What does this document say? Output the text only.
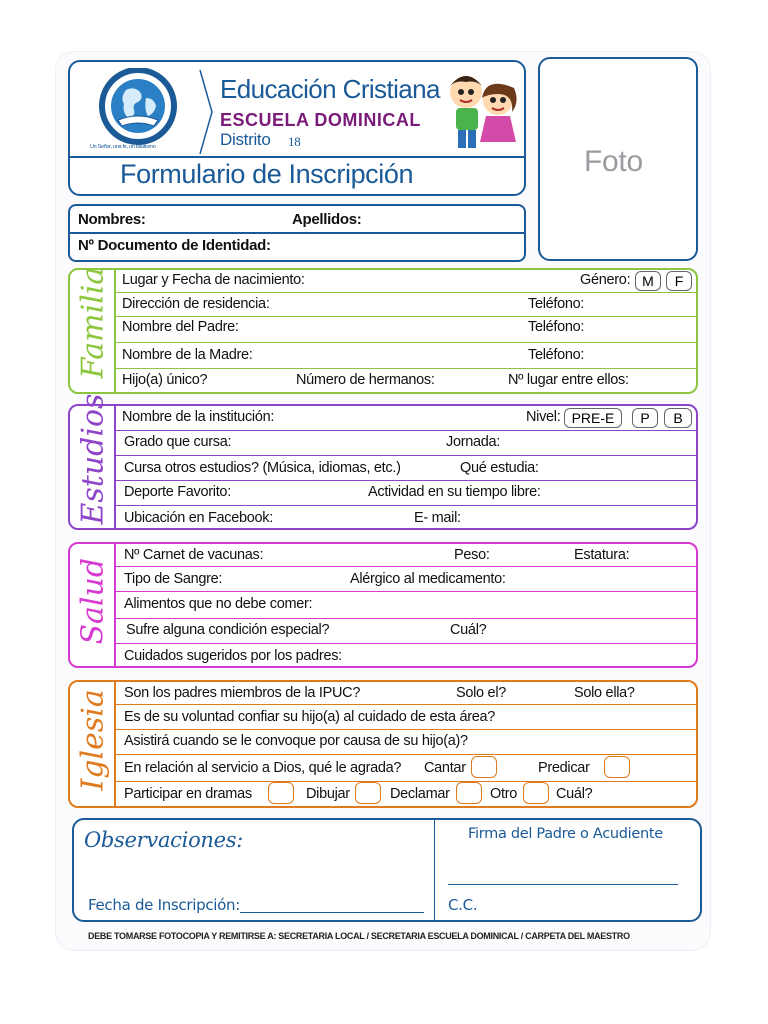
Un Señor, una fe, un bautismo
Educación Cristiana
ESCUELA DOMINICAL
Distrito 18
Formulario de Inscripción	Foto
Nombres:	Apellidos:
Nº Documento de Identidad:
Familia Lugar y Fecha de nacimiento:	Género: M	F
Dirección de residencia:	Teléfono:
Nombre del Padre:	Teléfono:
Nombre de la Madre:	Teléfono:
Hijo(a) único?	Número de hermanos:	Nº lugar entre ellos:
Estudios Nombre de la institución:	Nivel: PRE-E	P	B
Grado que cursa:	Jornada:
Cursa otros estudios? (Música, idiomas, etc.)	Qué estudia:
Deporte Favorito:	Actividad en su tiempo libre:
Ubicación en Facebook:	E- mail:
Salud
Nº Carnet de vacunas:	Peso:	Estatura:
Tipo de Sangre:	Alérgico al medicamento:
Alimentos que no debe comer:
Sufre alguna condición especial?	Cuál?
Cuidados sugeridos por los padres:
Iglesia Son los padres miembros de la IPUC?	Solo el?	Solo ella?
Es de su voluntad confiar su hijo(a) al cuidado de esta área?
Asistirá cuando se le convoque por causa de su hijo(a)?
En relación al servicio a Dios, qué le agrada? Cantar	Predicar
Participar en dramas	Dibujar	Declamar	Otro	Cuál?
Observaciones:
Fecha de Inscripción:
Firma del Padre o Acudiente
C.C.
DEBE TOMARSE FOTOCOPIA Y REMITIRSE A: SECRETARIA LOCAL / SECRETARIA ESCUELA DOMINICAL / CARPETA DEL MAESTRO
